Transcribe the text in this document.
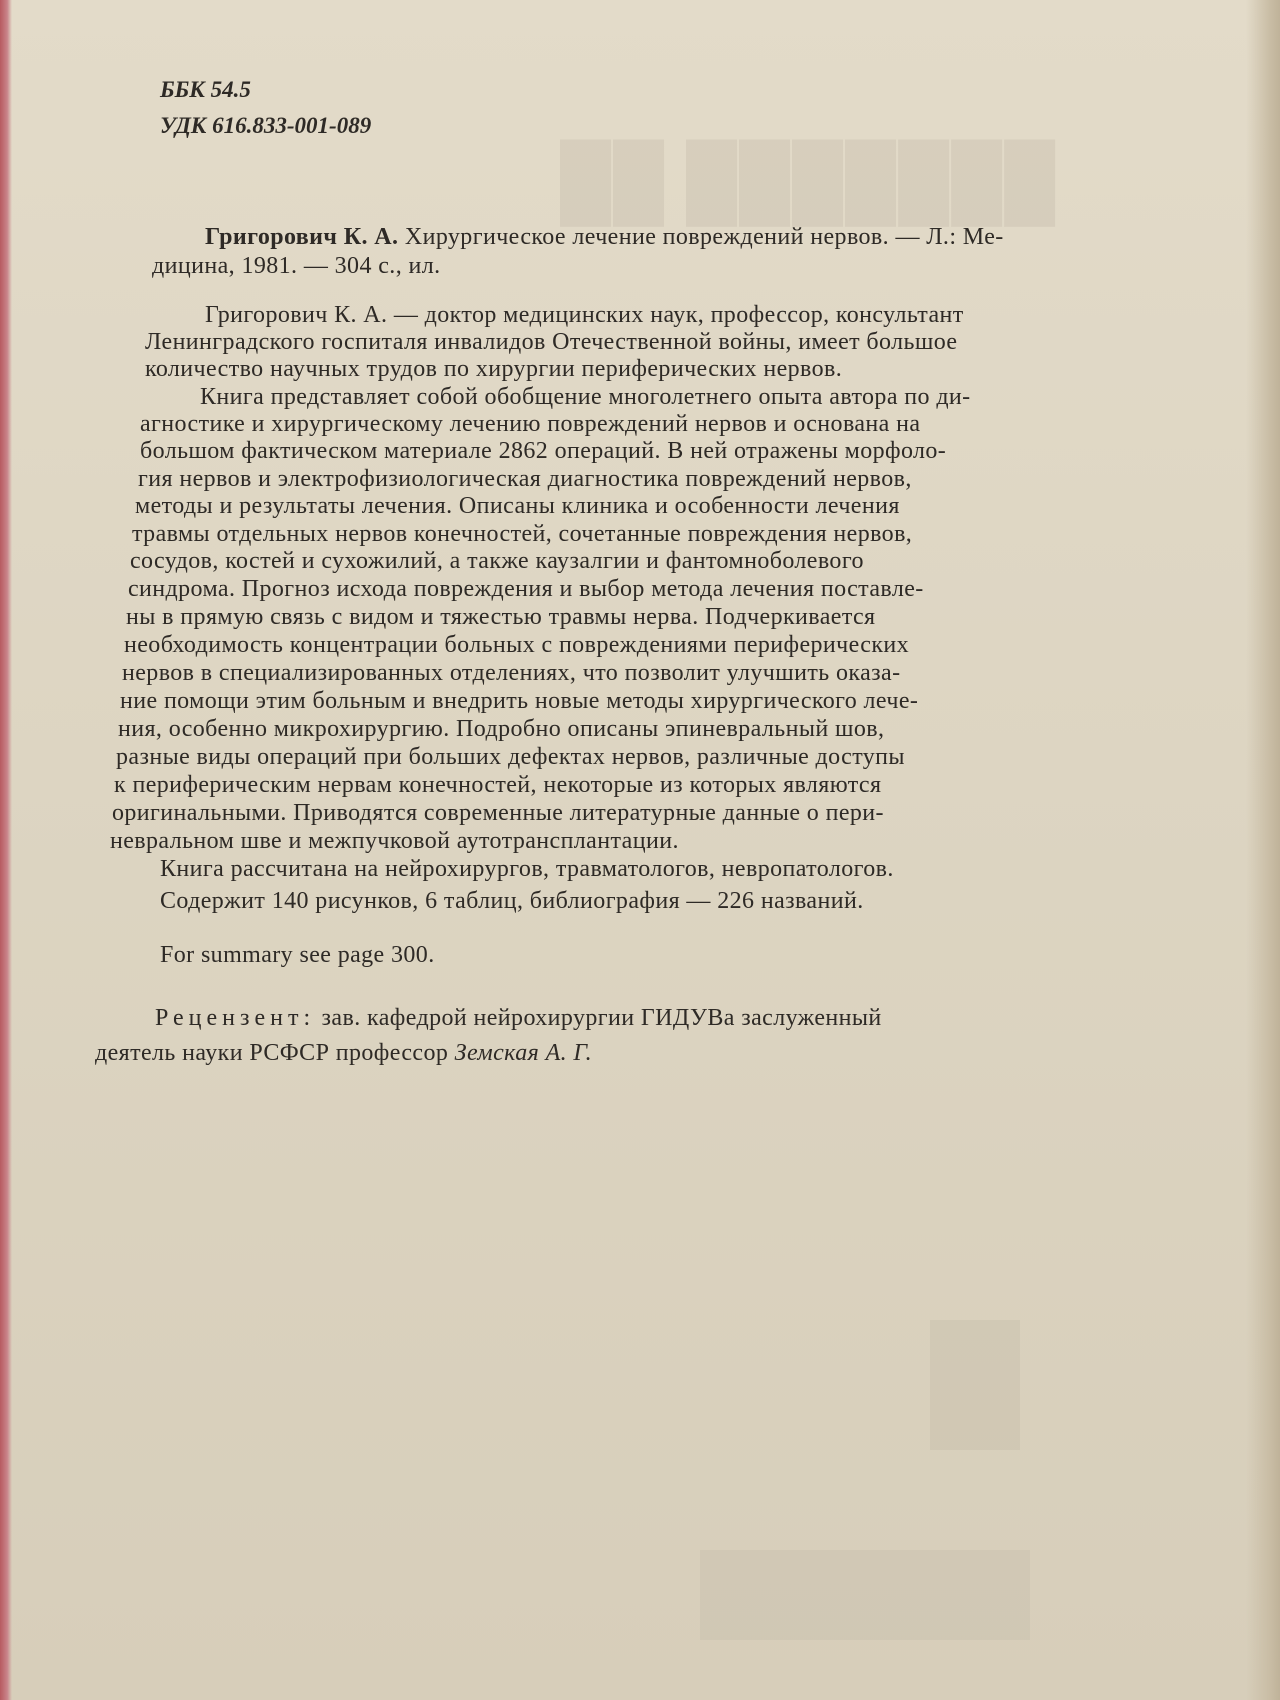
██ ███████
ББК 54.5
УДК 616.833-001-089
Григорович К. А. Хирургическое лечение повреждений нервов. — Л.: Ме-
дицина, 1981. — 304 с., ил.
Григорович К. А. — доктор медицинских наук, профессор, консультант
Ленинградского госпиталя инвалидов Отечественной войны, имеет большое
количество научных трудов по хирургии периферических нервов.
Книга представляет собой обобщение многолетнего опыта автора по ди-
агностике и хирургическому лечению повреждений нервов и основана на
большом фактическом материале 2862 операций. В ней отражены морфоло-
гия нервов и электрофизиологическая диагностика повреждений нервов,
методы и результаты лечения. Описаны клиника и особенности лечения
травмы отдельных нервов конечностей, сочетанные повреждения нервов,
сосудов, костей и сухожилий, а также каузалгии и фантомноболевого
синдрома. Прогноз исхода повреждения и выбор метода лечения поставле-
ны в прямую связь с видом и тяжестью травмы нерва. Подчеркивается
необходимость концентрации больных с повреждениями периферических
нервов в специализированных отделениях, что позволит улучшить оказа-
ние помощи этим больным и внедрить новые методы хирургического лече-
ния, особенно микрохирургию. Подробно описаны эпиневральный шов,
разные виды операций при больших дефектах нервов, различные доступы
к периферическим нервам конечностей, некоторые из которых являются
оригинальными. Приводятся современные литературные данные о пери-
невральном шве и межпучковой аутотрансплантации.
Книга рассчитана на нейрохирургов, травматологов, невропатологов.
Содержит 140 рисунков, 6 таблиц, библиография — 226 названий.
For summary see page 300.
Рецензент: зав. кафедрой нейрохирургии ГИДУВа заслуженный
деятель науки РСФСР профессор Земская А. Г.
